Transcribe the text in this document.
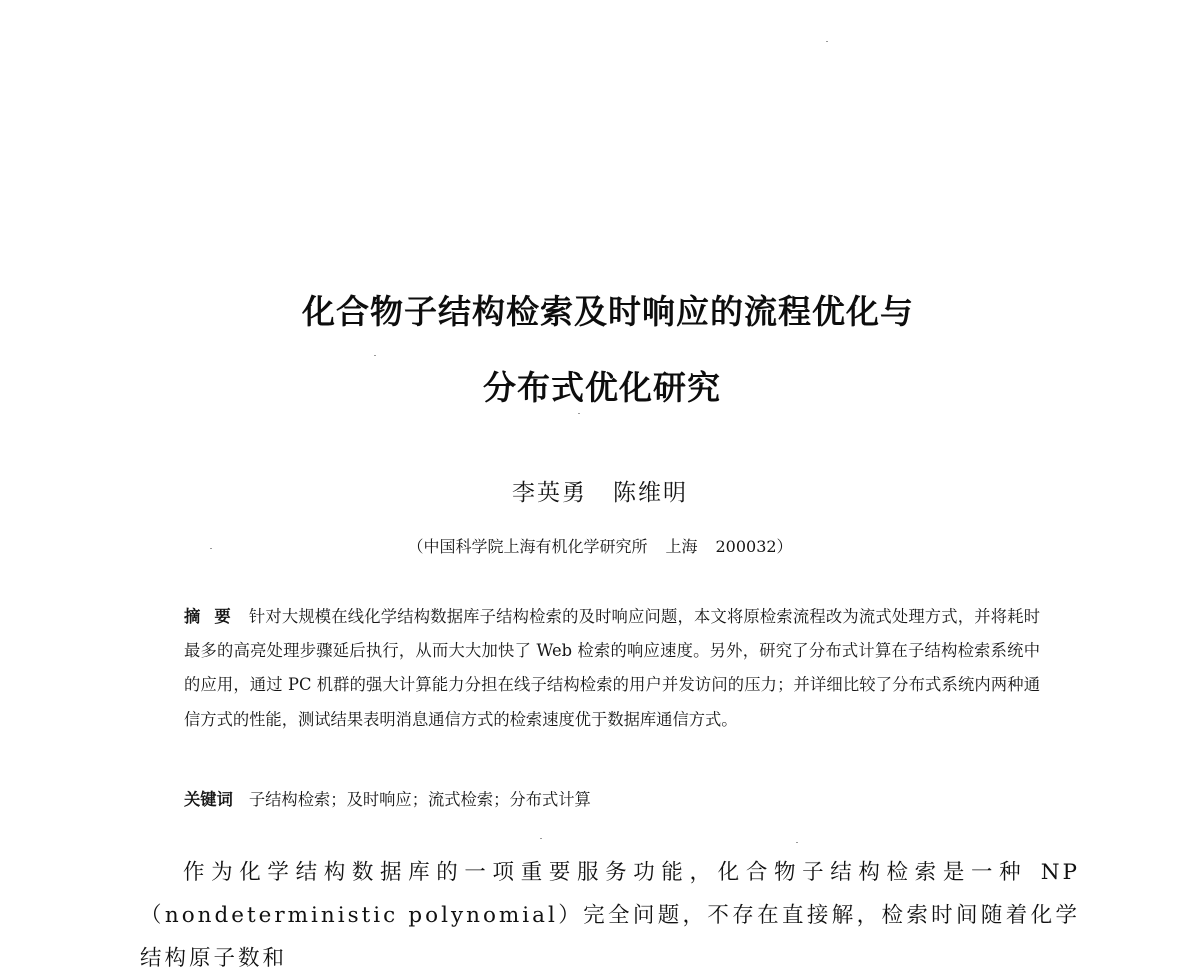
化合物子结构检索及时响应的流程优化与
分布式优化研究
李英勇 陈维明
（中国科学院上海有机化学研究所 上海 200032）
摘 要 针对大规模在线化学结构数据库子结构检索的及时响应问题，本文将原检索流程改为流式处理方式，并将耗时最多的高亮处理步骤延后执行，从而大大加快了 Web 检索的响应速度。另外，研究了分布式计算在子结构检索系统中的应用，通过 PC 机群的强大计算能力分担在线子结构检索的用户并发访问的压力；并详细比较了分布式系统内两种通信方式的性能，测试结果表明消息通信方式的检索速度优于数据库通信方式。
关键词 子结构检索；及时响应；流式检索；分布式计算
作为化学结构数据库的一项重要服务功能，化合物子结构检索是一种 NP（nondeterministic polynomial）完全问题，不存在直接解，检索时间随着化学结构原子数和
